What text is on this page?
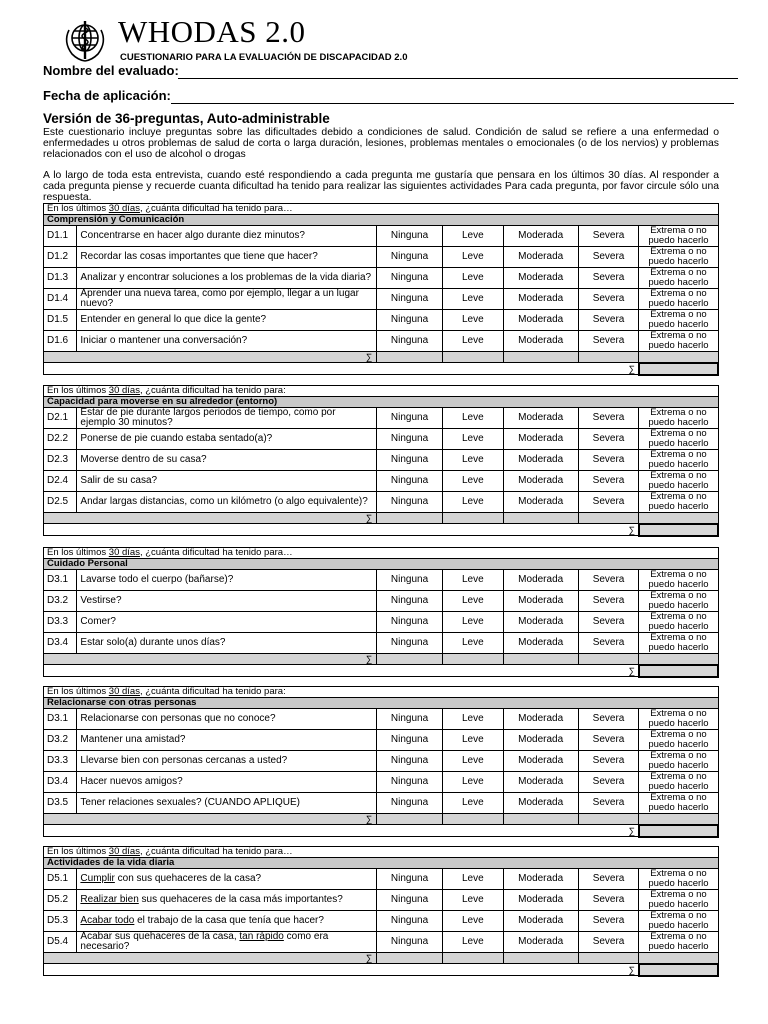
WHODAS 2.0
CUESTIONARIO PARA LA EVALUACIÓN DE DISCAPACIDAD 2.0
Nombre del evaluado:
Fecha de aplicación:
Versión de 36-preguntas, Auto-administrable
Este cuestionario incluye preguntas sobre las dificultades debido a condiciones de salud. Condición de salud se refiere a una enfermedad o enfermedades u otros problemas de salud de corta o larga duración, lesiones, problemas mentales o emocionales (o de los nervios) y problemas relacionados con el uso de alcohol o drogas
A lo largo de toda esta entrevista, cuando esté respondiendo a cada pregunta me gustaría que pensara en los últimos 30 días. Al responder a cada pregunta piense y recuerde cuanta dificultad ha tenido para realizar las siguientes actividades Para cada pregunta, por favor circule sólo una respuesta.
En los últimos 30 días, ¿cuánta dificultad ha tenido para…						
Comprensión y Comunicación						
D1.1	Concentrarse en hacer algo durante diez minutos?	Ninguna	Leve	Moderada	Severa	Extrema o no puedo hacerlo
D1.2	Recordar las cosas importantes que tiene que hacer?	Ninguna	Leve	Moderada	Severa	Extrema o no puedo hacerlo
D1.3	Analizar y encontrar soluciones a los problemas de la vida diaria?	Ninguna	Leve	Moderada	Severa	Extrema o no puedo hacerlo
D1.4	Aprender una nueva tarea, como por ejemplo, llegar a un lugar nuevo?	Ninguna	Leve	Moderada	Severa	Extrema o no puedo hacerlo
D1.5	Entender en general lo que dice la gente?	Ninguna	Leve	Moderada	Severa	Extrema o no puedo hacerlo
D1.6	Iniciar o mantener una conversación?	Ninguna	Leve	Moderada	Severa	Extrema o no puedo hacerlo
∑						
∑						
En los últimos 30 días, ¿cuánta dificultad ha tenido para:						
Capacidad para moverse en su alrededor (entorno)						
D2.1	Estar de pie durante largos periodos de tiempo, como por ejemplo 30 minutos?	Ninguna	Leve	Moderada	Severa	Extrema o no puedo hacerlo
D2.2	Ponerse de pie cuando estaba sentado(a)?	Ninguna	Leve	Moderada	Severa	Extrema o no puedo hacerlo
D2.3	Moverse dentro de su casa?	Ninguna	Leve	Moderada	Severa	Extrema o no puedo hacerlo
D2.4	Salir de su casa?	Ninguna	Leve	Moderada	Severa	Extrema o no puedo hacerlo
D2.5	Andar largas distancias, como un kilómetro (o algo equivalente)?	Ninguna	Leve	Moderada	Severa	Extrema o no puedo hacerlo
∑						
∑						
En los últimos 30 días, ¿cuánta dificultad ha tenido para…						
Cuidado Personal						
D3.1	Lavarse todo el cuerpo (bañarse)?	Ninguna	Leve	Moderada	Severa	Extrema o no puedo hacerlo
D3.2	Vestirse?	Ninguna	Leve	Moderada	Severa	Extrema o no puedo hacerlo
D3.3	Comer?	Ninguna	Leve	Moderada	Severa	Extrema o no puedo hacerlo
D3.4	Estar solo(a) durante unos días?	Ninguna	Leve	Moderada	Severa	Extrema o no puedo hacerlo
∑						
∑						
En los últimos 30 días, ¿cuánta dificultad ha tenido para:						
Relacionarse con otras personas						
D3.1	Relacionarse con personas que no conoce?	Ninguna	Leve	Moderada	Severa	Extrema o no puedo hacerlo
D3.2	Mantener una amistad?	Ninguna	Leve	Moderada	Severa	Extrema o no puedo hacerlo
D3.3	Llevarse bien con personas cercanas a usted?	Ninguna	Leve	Moderada	Severa	Extrema o no puedo hacerlo
D3.4	Hacer nuevos amigos?	Ninguna	Leve	Moderada	Severa	Extrema o no puedo hacerlo
D3.5	Tener relaciones sexuales? (CUANDO APLIQUE)	Ninguna	Leve	Moderada	Severa	Extrema o no puedo hacerlo
∑						
∑						
En los últimos 30 días, ¿cuánta dificultad ha tenido para…						
Actividades de la vida diaria						
D5.1	Cumplir con sus quehaceres de la casa?	Ninguna	Leve	Moderada	Severa	Extrema o no puedo hacerlo
D5.2	Realizar bien sus quehaceres de la casa más importantes?	Ninguna	Leve	Moderada	Severa	Extrema o no puedo hacerlo
D5.3	Acabar todo el trabajo de la casa que tenía que hacer?	Ninguna	Leve	Moderada	Severa	Extrema o no puedo hacerlo
D5.4	Acabar sus quehaceres de la casa, tan rápido como era necesario?	Ninguna	Leve	Moderada	Severa	Extrema o no puedo hacerlo
∑						
∑						
